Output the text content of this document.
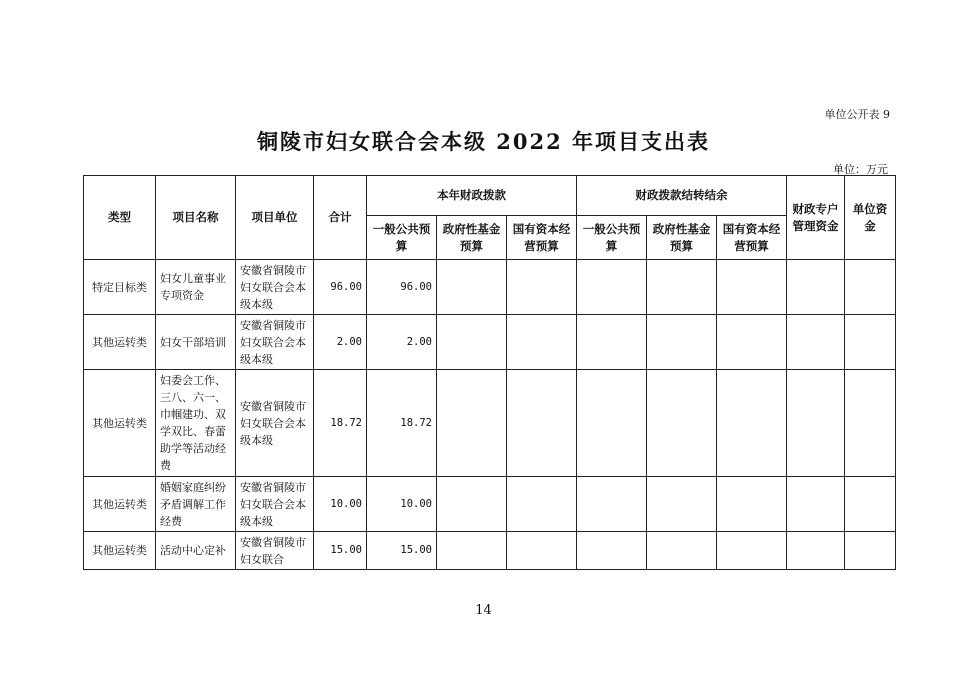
单位公开表 9
铜陵市妇女联合会本级 2022 年项目支出表
单位：万元
类型	项目名称	项目单位	合计	本年财政拨款			财政拨款结转结余			财政专户管理资金	单位资金
				一般公共预算	政府性基金预算	国有资本经营预算	一般公共预算	政府性基金预算	国有资本经营预算		
特定目标类	妇女儿童事业专项资金	安徽省铜陵市妇女联合会本级本级	96.00	96.00							
其他运转类	妇女干部培训	安徽省铜陵市妇女联合会本级本级	2.00	2.00							
其他运转类	妇委会工作、三八、六一、巾帼建功、双学双比、春蕾助学等活动经费	安徽省铜陵市妇女联合会本级本级	18.72	18.72							
其他运转类	婚姻家庭纠纷矛盾调解工作经费	安徽省铜陵市妇女联合会本级本级	10.00	10.00							
其他运转类	活动中心定补	安徽省铜陵市妇女联合	15.00	15.00							
14
